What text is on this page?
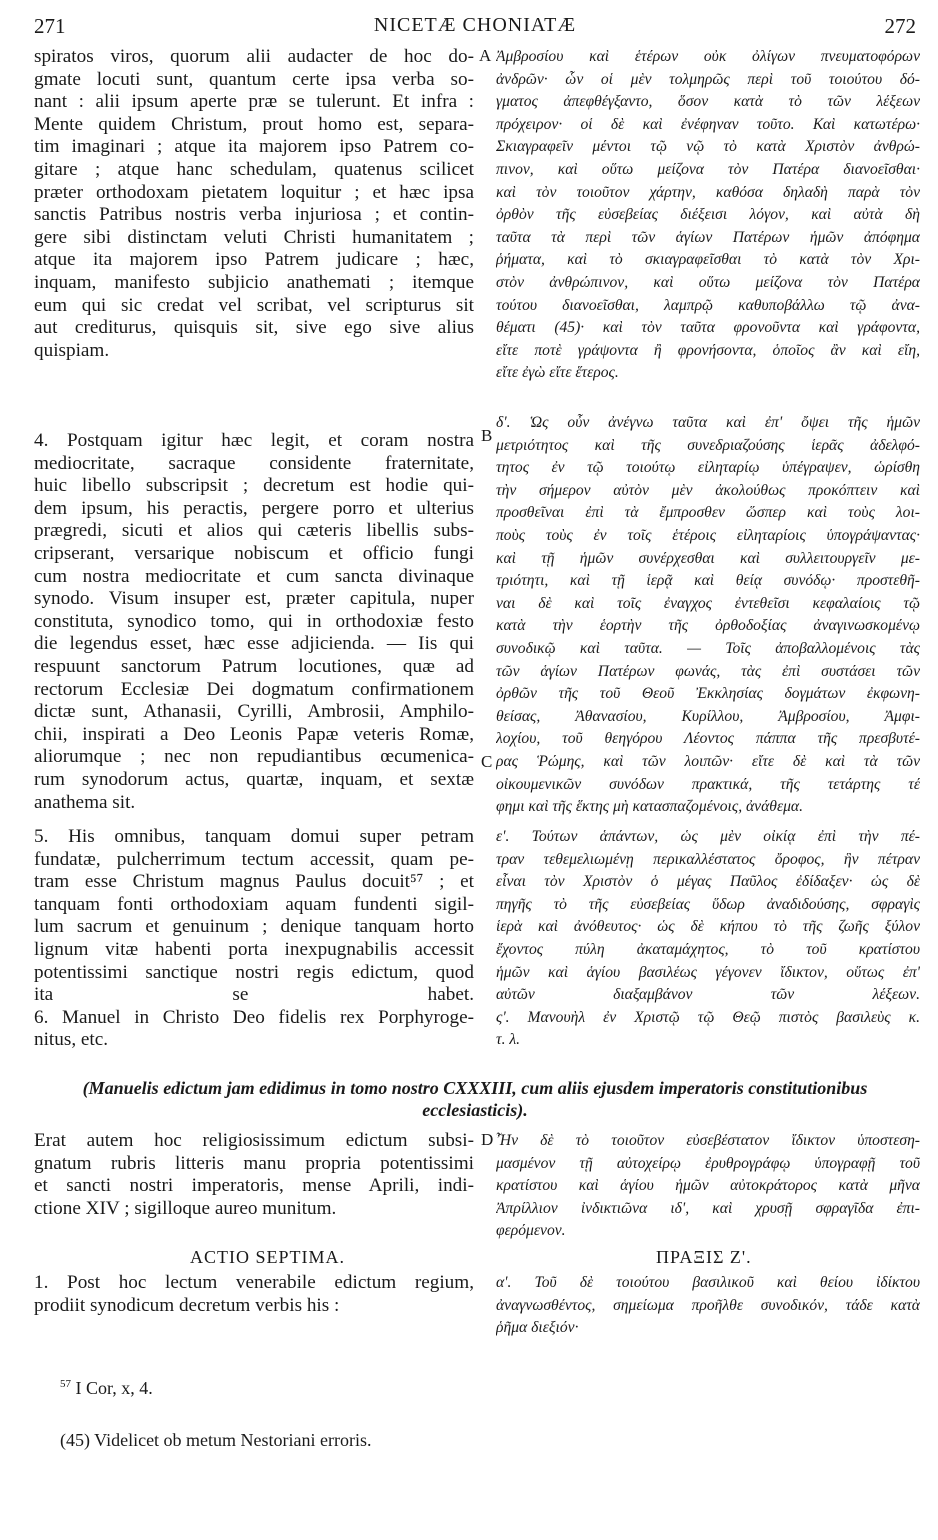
271	NICETÆ CHONIATÆ	272
A
B
C
D
spiratos viros, quorum alii audacter de hoc do-
gmate locuti sunt, quantum certe ipsa verba so-
nant : alii ipsum aperte præ se tulerunt. Et infra :
Mente quidem Christum, prout homo est, separa-
tim imaginari ; atque ita majorem ipso Patrem co-
gitare ; atque hanc schedulam, quatenus scilicet
præter orthodoxam pietatem loquitur ; et hæc ipsa
sanctis Patribus nostris verba injuriosa ; et contin-
gere sibi distinctam veluti Christi humanitatem ;
atque ita majorem ipso Patrem judicare ; hæc,
inquam, manifesto subjicio anathemati ; itemque
eum qui sic credat vel scribat, vel scripturus sit
aut crediturus, quisquis sit, sive ego sive alius
quispiam.
4. Postquam igitur hæc legit, et coram nostra
mediocritate, sacraque considente fraternitate,
huic libello subscripsit ; decretum est hodie qui-
dem ipsum, his peractis, pergere porro et ulterius
prægredi, sicuti et alios qui cæteris libellis subs-
cripserant, versarique nobiscum et officio fungi
cum nostra mediocritate et cum sancta divinaque
synodo. Visum insuper est, præter capitula, nuper
constituta, synodico tomo, qui in orthodoxiæ festo
die legendus esset, hæc esse adjicienda. — Iis qui
respuunt sanctorum Patrum locutiones, quæ ad
rectorum Ecclesiæ Dei dogmatum confirmationem
dictæ sunt, Athanasii, Cyrilli, Ambrosii, Amphilo-
chii, inspirati a Deo Leonis Papæ veteris Romæ,
aliorumque ; nec non repudiantibus œcumenica-
rum synodorum actus, quartæ, inquam, et sextæ
anathema sit.
5. His omnibus, tanquam domui super petram
fundatæ, pulcherrimum tectum accessit, quam pe-
tram esse Christum magnus Paulus docuit⁵⁷ ; et
tanquam fonti orthodoxiam aquam fundenti sigil-
lum sacrum et genuinum ; denique tanquam horto
lignum vitæ habenti porta inexpugnabilis accessit
potentissimi sanctique nostri regis edictum, quod
ita se habet.
6. Manuel in Christo Deo fidelis rex Porphyroge-
nitus, etc.
Ἀμβροσίου καὶ ἑτέρων οὐκ ὀλίγων πνευματοφόρων
ἀνδρῶν· ὧν οἱ μὲν τολμηρῶς περὶ τοῦ τοιούτου δό-
γματος ἀπεφθέγξαντο, ὅσον κατὰ τὸ τῶν λέξεων
πρόχειρον· οἱ δὲ καὶ ἐνέφηναν τοῦτο. Καὶ κατωτέρω·
Σκιαγραφεῖν μέντοι τῷ νῷ τὸ κατὰ Χριστὸν ἀνθρώ-
πινον, καὶ οὕτω μείζονα τὸν Πατέρα διανοεῖσθαι·
καὶ τὸν τοιοῦτον χάρτην, καθόσα δηλαδὴ παρὰ τὸν
ὀρθὸν τῆς εὐσεβείας διέξεισι λόγον, καὶ αὐτὰ δὴ
ταῦτα τὰ περὶ τῶν ἁγίων Πατέρων ἡμῶν ἀπόφημα
ῥήματα, καὶ τὸ σκιαγραφεῖσθαι τὸ κατὰ τὸν Χρι-
στὸν ἀνθρώπινον, καὶ οὕτω μείζονα τὸν Πατέρα
τούτου διανοεῖσθαι, λαμπρῷ καθυποβάλλω τῷ ἀνα-
θέματι (45)· καὶ τὸν ταῦτα φρονοῦντα καὶ γράφοντα,
εἴτε ποτὲ γράψοντα ἢ φρονήσοντα, ὁποῖος ἂν καὶ εἴη,
εἴτε ἐγὼ εἴτε ἕτερος.
δ'. Ὡς οὖν ἀνέγνω ταῦτα καὶ ἐπ' ὄψει τῆς ἡμῶν
μετριότητος καὶ τῆς συνεδριαζούσης ἱερᾶς ἀδελφό-
τητος ἐν τῷ τοιούτῳ εἰληταρίῳ ὑπέγραψεν, ὡρίσθη
τὴν σήμερον αὐτὸν μὲν ἀκολούθως προκόπτειν καὶ
προσθεῖναι ἐπὶ τὰ ἔμπροσθεν ὥσπερ καὶ τοὺς λοι-
ποὺς τοὺς ἐν τοῖς ἑτέροις εἰληταρίοις ὑπογράψαντας·
καὶ τῇ ἡμῶν συνέρχεσθαι καὶ συλλειτουργεῖν με-
τριότητι, καὶ τῇ ἱερᾷ καὶ θείᾳ συνόδῳ· προστεθῆ-
ναι δὲ καὶ τοῖς ἐναγχος ἐντεθεῖσι κεφαλαίοις τῷ
κατὰ τὴν ἑορτὴν τῆς ὀρθοδοξίας ἀναγινωσκομένῳ
συνοδικῷ καὶ ταῦτα. — Τοῖς ἀποβαλλομένοις τὰς
τῶν ἁγίων Πατέρων φωνάς, τὰς ἐπὶ συστάσει τῶν
ὀρθῶν τῆς τοῦ Θεοῦ Ἐκκλησίας δογμάτων ἐκφωνη-
θείσας, Ἀθανασίου, Κυρίλλου, Ἀμβροσίου, Ἀμφι-
λοχίου, τοῦ θεηγόρου Λέοντος πάππα τῆς πρεσβυτέ-
ρας Ῥώμης, καὶ τῶν λοιπῶν· εἴτε δὲ καὶ τὰ τῶν
οἰκουμενικῶν συνόδων πρακτικά, τῆς τετάρτης τέ
φημι καὶ τῆς ἕκτης μὴ κατασπαζομένοις, ἀνάθεμα.
ε'. Τούτων ἁπάντων, ὡς μὲν οἰκίᾳ ἐπὶ τὴν πέ-
τραν τεθεμελιωμένῃ περικαλλέστατος ὄροφος, ἣν πέτραν
εἶναι τὸν Χριστὸν ὁ μέγας Παῦλος ἐδίδαξεν· ὡς δὲ
πηγῆς τὸ τῆς εὐσεβείας ὕδωρ ἀναδιδούσης, σφραγὶς
ἱερὰ καὶ ἀνόθευτος· ὡς δὲ κήπου τὸ τῆς ζωῆς ξύλον
ἔχοντος πύλη ἀκαταμάχητος, τὸ τοῦ κρατίστου
ἡμῶν καὶ ἁγίου βασιλέως γέγονεν ἴδικτον, οὕτως ἐπ'
αὐτῶν διαξαμβάνον τῶν λέξεων.
ς'. Μανουὴλ ἐν Χριστῷ τῷ Θεῷ πιστὸς βασιλεὺς κ.
τ. λ.
(Manuelis edictum jam edidimus in tomo nostro CXXXIII, cum aliis ejusdem imperatoris constitutionibus ecclesiasticis).
Erat autem hoc religiosissimum edictum subsi-
gnatum rubris litteris manu propria potentissimi
et sancti nostri imperatoris, mense Aprili, indi-
ctione XIV ; sigilloque aureo munitum.
Ἦν δὲ τὸ τοιοῦτον εὐσεβέστατον ἴδικτον ὑποστεση-
μασμένον τῇ αὐτοχείρῳ ἐρυθρογράφῳ ὑπογραφῇ τοῦ
κρατίστου καὶ ἁγίου ἡμῶν αὐτοκράτορος κατὰ μῆνα
Ἀπρίλλιον ἰνδικτιῶνα ιδ', καὶ χρυσῇ σφραγῖδα ἐπι-
φερόμενον.
ACTIO SEPTIMA.	ΠΡΑΞΙΣ Ζ'.
1. Post hoc lectum venerabile edictum regium,
prodiit synodicum decretum verbis his :
α'. Τοῦ δὲ τοιούτου βασιλικοῦ καὶ θείου ἰδίκτου
ἀναγνωσθέντος, σημείωμα προῆλθε συνοδικόν, τάδε κατὰ
ῥῆμα διεξιόν·
$^{57}$ I Cor, x, 4.
(45) Videlicet ob metum Nestoriani erroris.
